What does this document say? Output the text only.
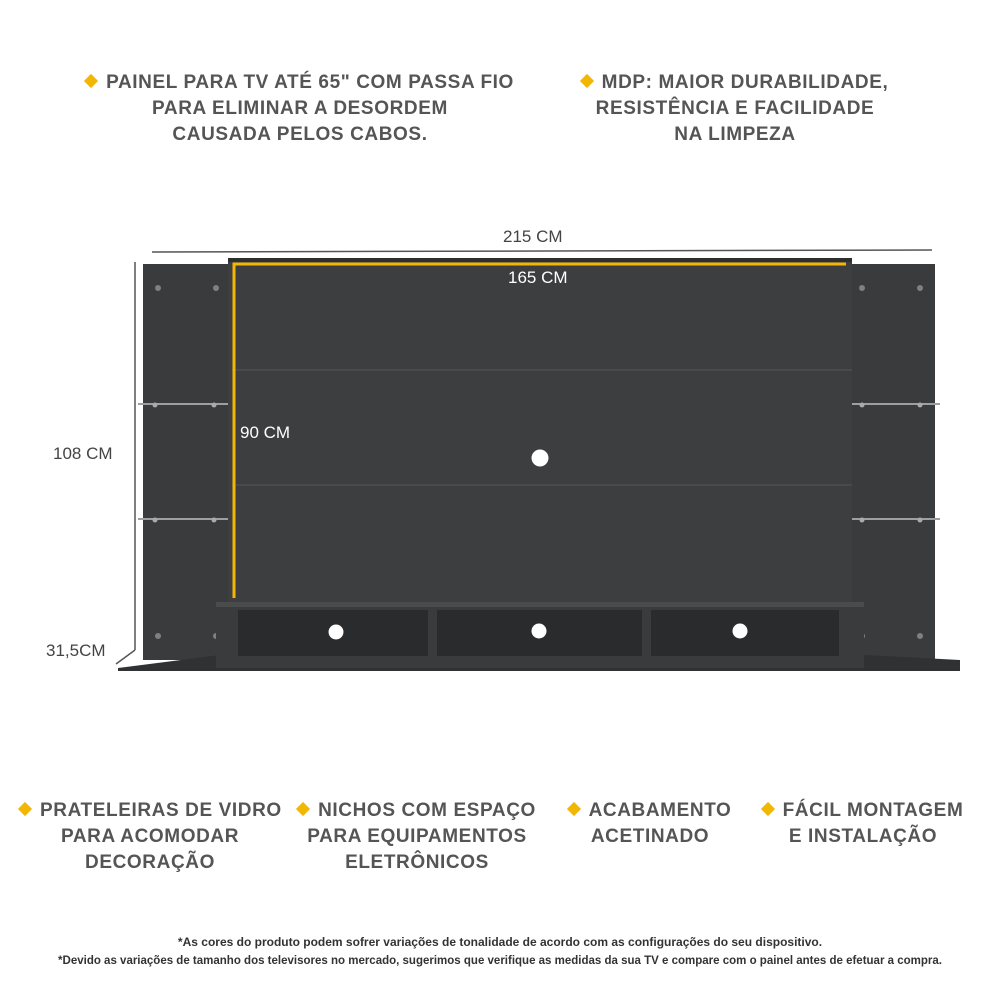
PAINEL PARA TV ATÉ 65" COM PASSA FIO
PARA ELIMINAR A DESORDEM
CAUSADA PELOS CABOS.
MDP: MAIOR DURABILIDADE,
RESISTÊNCIA E FACILIDADE
NA LIMPEZA
215 CM
165 CM
90 CM
108 CM
31,5CM
PRATELEIRAS DE VIDRO
PARA ACOMODAR
DECORAÇÃO
NICHOS COM ESPAÇO
PARA EQUIPAMENTOS
ELETRÔNICOS
ACABAMENTO
ACETINADO
FÁCIL MONTAGEM
E INSTALAÇÃO
*As cores do produto podem sofrer variações de tonalidade de acordo com as configurações do seu dispositivo.
*Devido as variações de tamanho dos televisores no mercado, sugerimos que verifique as medidas da sua TV e compare com o painel antes de efetuar a compra.
